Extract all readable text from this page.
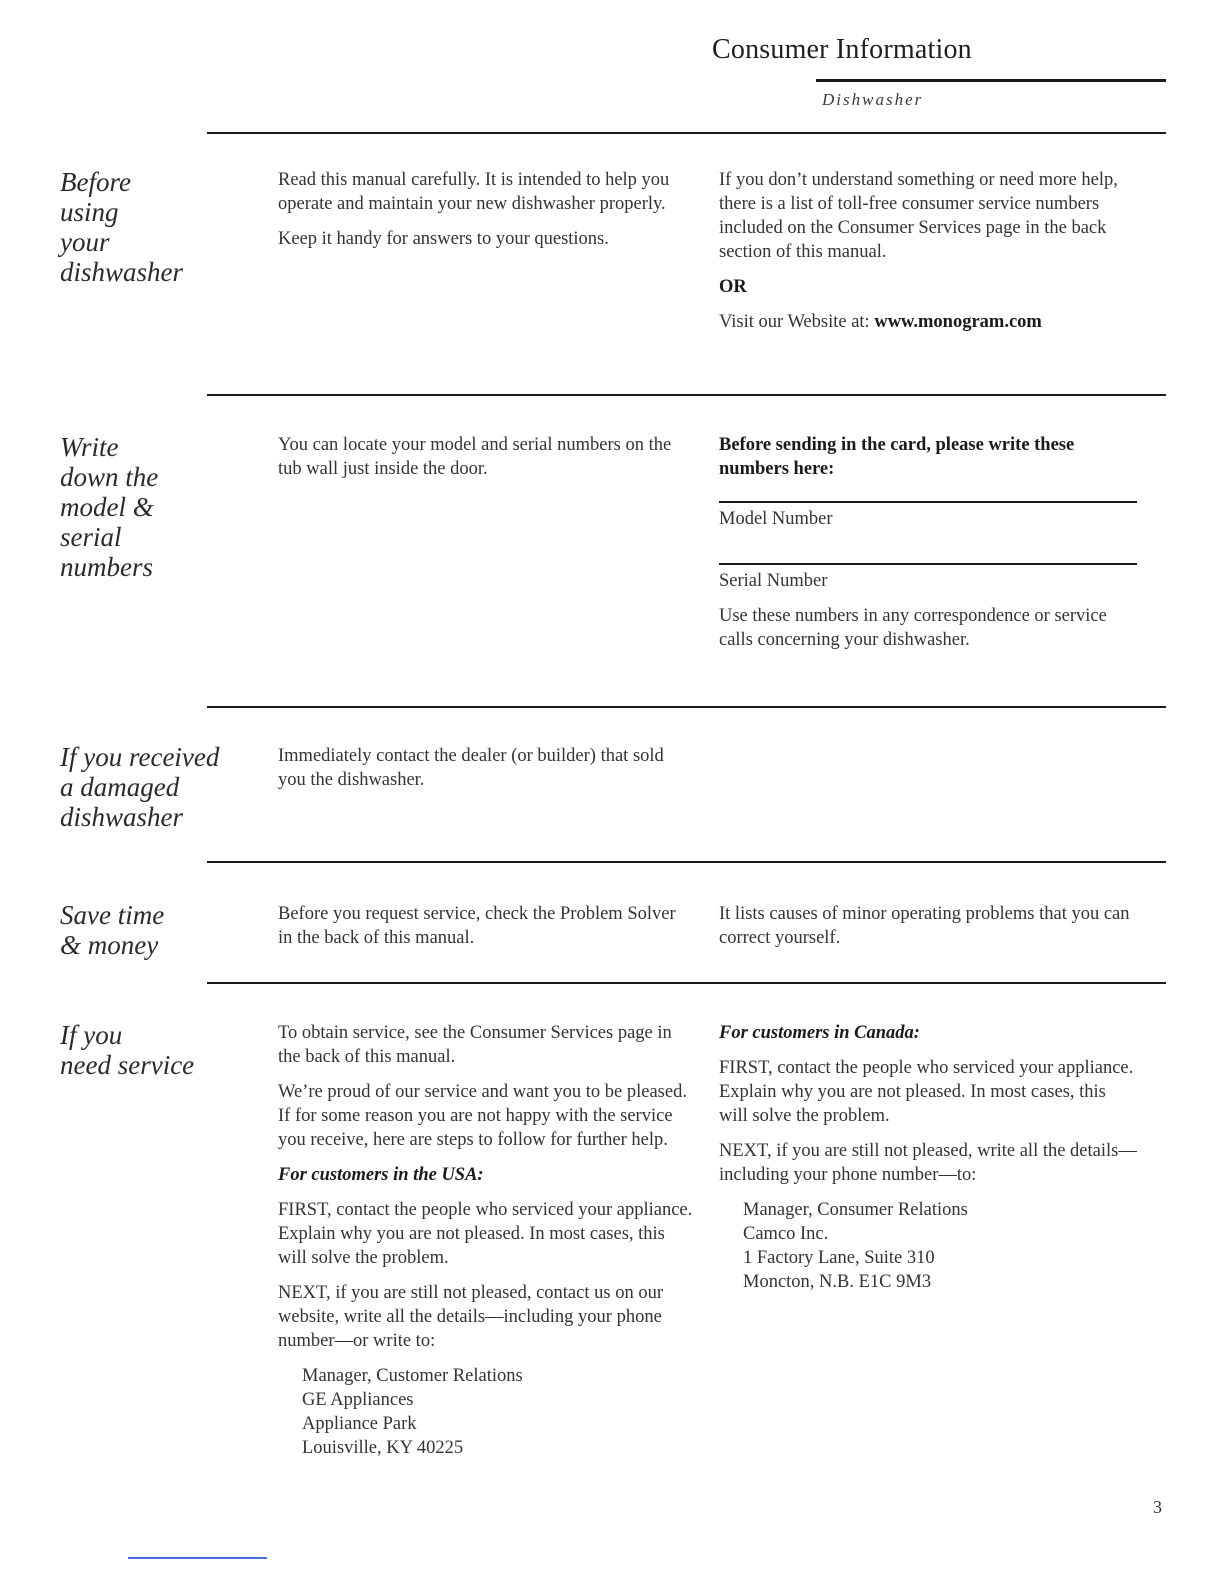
Consumer Information
Dishwasher
Before
using
your
dishwasher

Read this manual carefully. It is intended to help you operate and maintain your new dishwasher properly.

Keep it handy for answers to your questions.

If you don’t understand something or need more help, there is a list of toll-free consumer service numbers included on the Consumer Services page in the back section of this manual.

OR

Visit our Website at: www.monogram.com

Write
down the
model &
serial
numbers

You can locate your model and serial numbers on the tub wall just inside the door.

Before sending in the card, please write these numbers here:

Model Number

Serial Number

Use these numbers in any correspondence or service calls concerning your dishwasher.

If you received
a damaged
dishwasher

Immediately contact the dealer (or builder) that sold you the dishwasher.

Save time
& money

Before you request service, check the Problem Solver in the back of this manual.

It lists causes of minor operating problems that you can correct yourself.

If you
need service

To obtain service, see the Consumer Services page in the back of this manual.

We’re proud of our service and want you to be pleased. If for some reason you are not happy with the service you receive, here are steps to follow for further help.

For customers in the USA:

FIRST, contact the people who serviced your appliance. Explain why you are not pleased. In most cases, this will solve the problem.

NEXT, if you are still not pleased, contact us on our website, write all the details—including your phone number—or write to:

Manager, Customer Relations
GE Appliances
Appliance Park
Louisville, KY 40225

For customers in Canada:

FIRST, contact the people who serviced your appliance. Explain why you are not pleased. In most cases, this will solve the problem.

NEXT, if you are still not pleased, write all the details—including your phone number—to:

Manager, Consumer Relations
Camco Inc.
1 Factory Lane, Suite 310
Moncton, N.B. E1C 9M3
3
